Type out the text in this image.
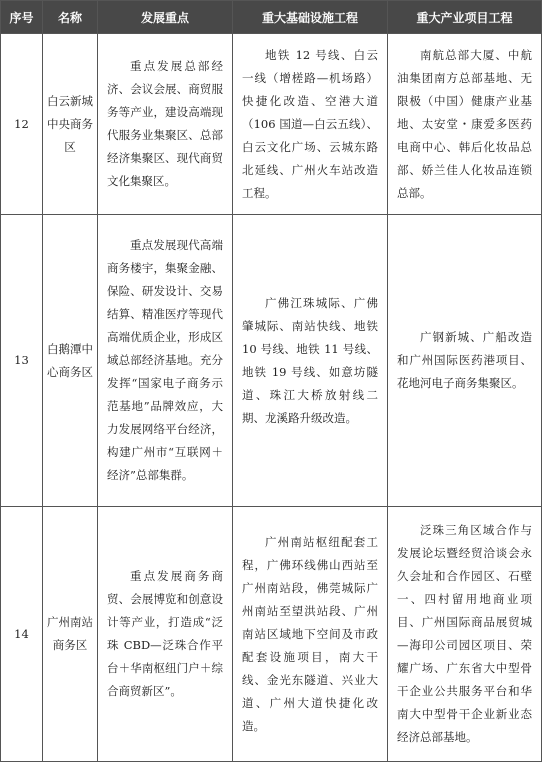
序号	名称	发展重点	重大基础设施工程	重大产业项目工程
12	白云新城中央商务区	重点发展总部经济、会议会展、商贸服务等产业，建设高端现代服务业集聚区、总部经济集聚区、现代商贸文化集聚区。	地铁 12 号线、白云一线（增槎路—机场路）快捷化改造、空港大道（106 国道—白云五线）、白云文化广场、云城东路北延线、广州火车站改造工程。	南航总部大厦、中航油集团南方总部基地、无限极（中国）健康产业基地、太安堂・康爱多医药电商中心、韩后化妆品总部、娇兰佳人化妆品连锁总部。

13	白鹅潭中心商务区	重点发展现代高端商务楼宇，集聚金融、保险、研发设计、交易结算、精准医疗等现代高端优质企业，形成区域总部经济基地。充分发挥“国家电子商务示范基地”品牌效应，大力发展网络平台经济，构建广州市“互联网＋经济”总部集群。	广佛江珠城际、广佛肇城际、南站快线、地铁 10 号线、地铁 11 号线、地铁 19 号线、如意坊隧道、珠江大桥放射线二期、龙溪路升级改造。	广钢新城、广船改造和广州国际医药港项目、花地河电子商务集聚区。

14	广州南站商务区	重点发展商务商贸、会展博览和创意设计等产业，打造成“泛珠 CBD—泛珠合作平台＋华南枢纽门户＋综合商贸新区”。	广州南站枢纽配套工程，广佛环线佛山西站至广州南站段，佛莞城际广州南站至望洪站段、广州南站区域地下空间及市政配套设施项目，南大干线、金光东隧道、兴业大道、广州大道快捷化改造。	泛珠三角区域合作与发展论坛暨经贸洽谈会永久会址和合作园区、石壁一、四村留用地商业项目、广州国际商品展贸城—海印公司园区项目、荣耀广场、广东省大中型骨干企业公共服务平台和华南大中型骨干企业新业态经济总部基地。
